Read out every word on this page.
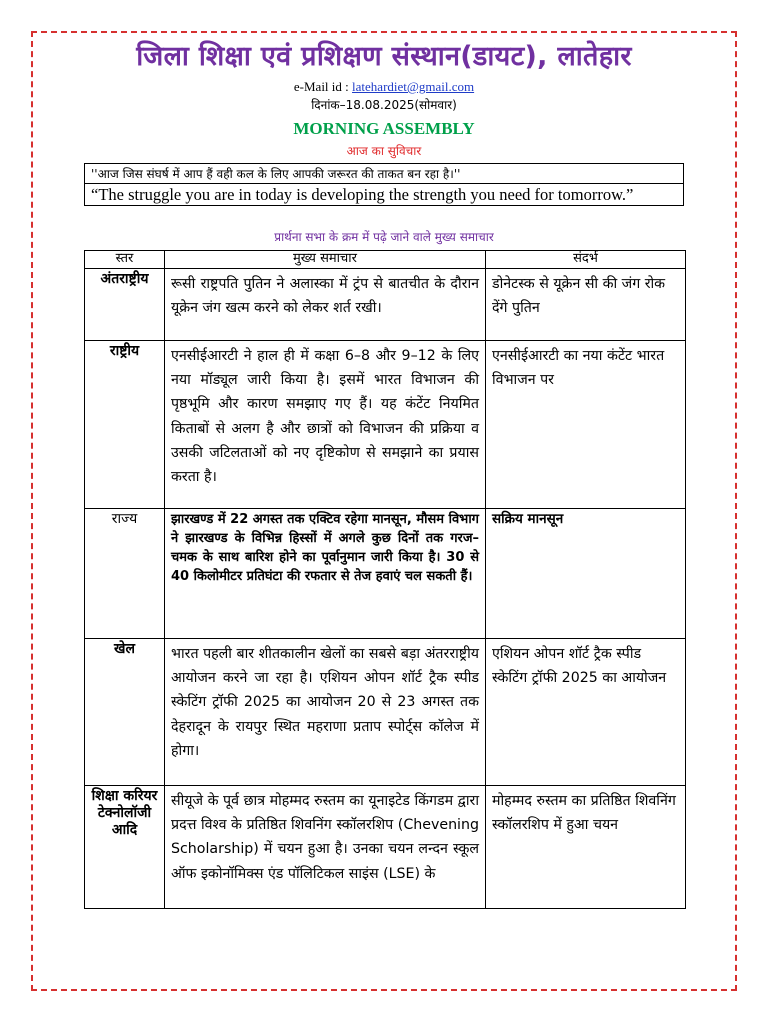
जिला शिक्षा एवं प्रशिक्षण संस्थान(डायट), लातेहार
e-Mail id : latehardiet@gmail.com
दिनांक–18.08.2025(सोमवार)
MORNING ASSEMBLY
आज का सुविचार
''आज जिस संघर्ष में आप हैं वही कल के लिए आपकी जरूरत की ताकत बन रहा है।''
“The struggle you are in today is developing the strength you need for tomorrow.”
प्रार्थना सभा के क्रम में पढ़े जाने वाले मुख्य समाचार
स्तर	मुख्य समाचार	संदर्भ
अंतराष्ट्रीय	रूसी राष्ट्रपति पुतिन ने अलास्का में ट्रंप से बातचीत के दौरान यूक्रेन जंग खत्म करने को लेकर शर्त रखी।	डोनेटस्क से यूक्रेन सी की जंग रोक देंगे पुतिन
राष्ट्रीय	एनसीईआरटी ने हाल ही में कक्षा 6–8 और 9–12 के लिए नया मॉड्यूल जारी किया है। इसमें भारत विभाजन की पृष्ठभूमि और कारण समझाए गए हैं। यह कंटेंट नियमित किताबों से अलग है और छात्रों को विभाजन की प्रक्रिया व उसकी जटिलताओं को नए दृष्टिकोण से समझाने का प्रयास करता है।	एनसीईआरटी का नया कंटेंट भारत विभाजन पर
राज्य	झारखण्ड में 22 अगस्त तक एक्टिव रहेगा मानसून, मौसम विभाग ने झारखण्ड के विभिन्न हिस्सों में अगले कुछ दिनों तक गरज–चमक के साथ बारिश होने का पूर्वानुमान जारी किया है। 30 से 40 किलोमीटर प्रतिघंटा की रफतार से तेज हवाएं चल सकती हैं।	सक्रिय मानसून
खेल	भारत पहली बार शीतकालीन खेलों का सबसे बड़ा अंतरराष्ट्रीय आयोजन करने जा रहा है। एशियन ओपन शॉर्ट ट्रैक स्पीड स्केटिंग ट्रॉफी 2025 का आयोजन 20 से 23 अगस्त तक देहरादून के रायपुर स्थित महराणा प्रताप स्पोर्ट्स कॉलेज में होगा।	एशियन ओपन शॉर्ट ट्रैक स्पीड स्केटिंग ट्रॉफी 2025 का आयोजन
शिक्षा करियर टेक्नोलॉजी आदि	सीयूजे के पूर्व छात्र मोहम्मद रुस्तम का यूनाइटेड किंगडम द्वारा प्रदत्त विश्व के प्रतिष्ठित शिवनिंग स्कॉलरशिप (Chevening Scholarship) में चयन हुआ है। उनका चयन लन्दन स्कूल ऑफ इकोनॉमिक्स एंड पॉलिटिकल साइंस (LSE) के	मोहम्मद रुस्तम का प्रतिष्ठित शिवनिंग स्कॉलरशिप में हुआ चयन
